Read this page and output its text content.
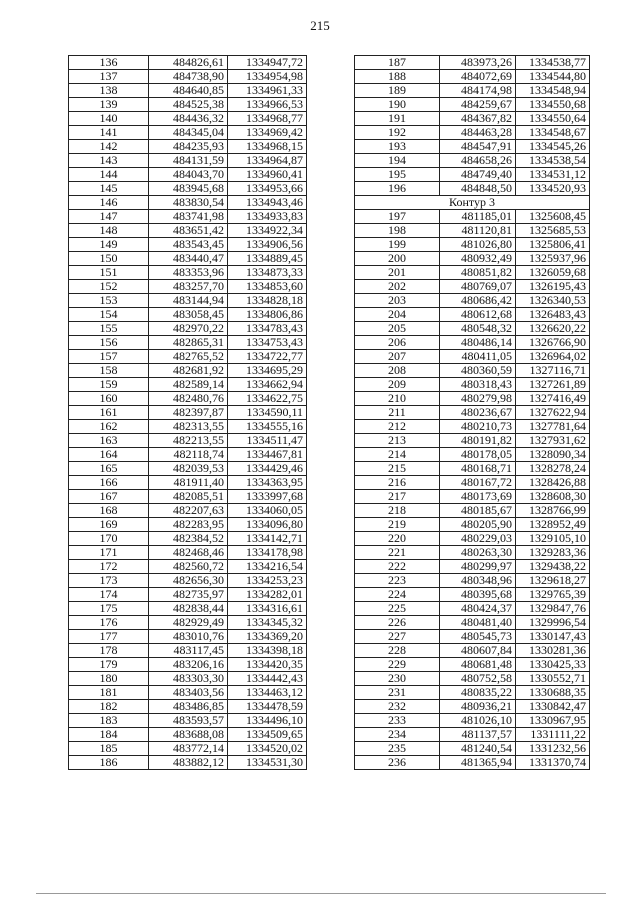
215
136	484826,61	1334947,72
137	484738,90	1334954,98
138	484640,85	1334961,33
139	484525,38	1334966,53
140	484436,32	1334968,77
141	484345,04	1334969,42
142	484235,93	1334968,15
143	484131,59	1334964,87
144	484043,70	1334960,41
145	483945,68	1334953,66
146	483830,54	1334943,46
147	483741,98	1334933,83
148	483651,42	1334922,34
149	483543,45	1334906,56
150	483440,47	1334889,45
151	483353,96	1334873,33
152	483257,70	1334853,60
153	483144,94	1334828,18
154	483058,45	1334806,86
155	482970,22	1334783,43
156	482865,31	1334753,43
157	482765,52	1334722,77
158	482681,92	1334695,29
159	482589,14	1334662,94
160	482480,76	1334622,75
161	482397,87	1334590,11
162	482313,55	1334555,16
163	482213,55	1334511,47
164	482118,74	1334467,81
165	482039,53	1334429,46
166	481911,40	1334363,95
167	482085,51	1333997,68
168	482207,63	1334060,05
169	482283,95	1334096,80
170	482384,52	1334142,71
171	482468,46	1334178,98
172	482560,72	1334216,54
173	482656,30	1334253,23
174	482735,97	1334282,01
175	482838,44	1334316,61
176	482929,49	1334345,32
177	483010,76	1334369,20
178	483117,45	1334398,18
179	483206,16	1334420,35
180	483303,30	1334442,43
181	483403,56	1334463,12
182	483486,85	1334478,59
183	483593,57	1334496,10
184	483688,08	1334509,65
185	483772,14	1334520,02
186	483882,12	1334531,30
187	483973,26	1334538,77
188	484072,69	1334544,80
189	484174,98	1334548,94
190	484259,67	1334550,68
191	484367,82	1334550,64
192	484463,28	1334548,67
193	484547,91	1334545,26
194	484658,26	1334538,54
195	484749,40	1334531,12
196	484848,50	1334520,93
Контур 3		
197	481185,01	1325608,45
198	481120,81	1325685,53
199	481026,80	1325806,41
200	480932,49	1325937,96
201	480851,82	1326059,68
202	480769,07	1326195,43
203	480686,42	1326340,53
204	480612,68	1326483,43
205	480548,32	1326620,22
206	480486,14	1326766,90
207	480411,05	1326964,02
208	480360,59	1327116,71
209	480318,43	1327261,89
210	480279,98	1327416,49
211	480236,67	1327622,94
212	480210,73	1327781,64
213	480191,82	1327931,62
214	480178,05	1328090,34
215	480168,71	1328278,24
216	480167,72	1328426,88
217	480173,69	1328608,30
218	480185,67	1328766,99
219	480205,90	1328952,49
220	480229,03	1329105,10
221	480263,30	1329283,36
222	480299,97	1329438,22
223	480348,96	1329618,27
224	480395,68	1329765,39
225	480424,37	1329847,76
226	480481,40	1329996,54
227	480545,73	1330147,43
228	480607,84	1330281,36
229	480681,48	1330425,33
230	480752,58	1330552,71
231	480835,22	1330688,35
232	480936,21	1330842,47
233	481026,10	1330967,95
234	481137,57	1331111,22
235	481240,54	1331232,56
236	481365,94	1331370,74
